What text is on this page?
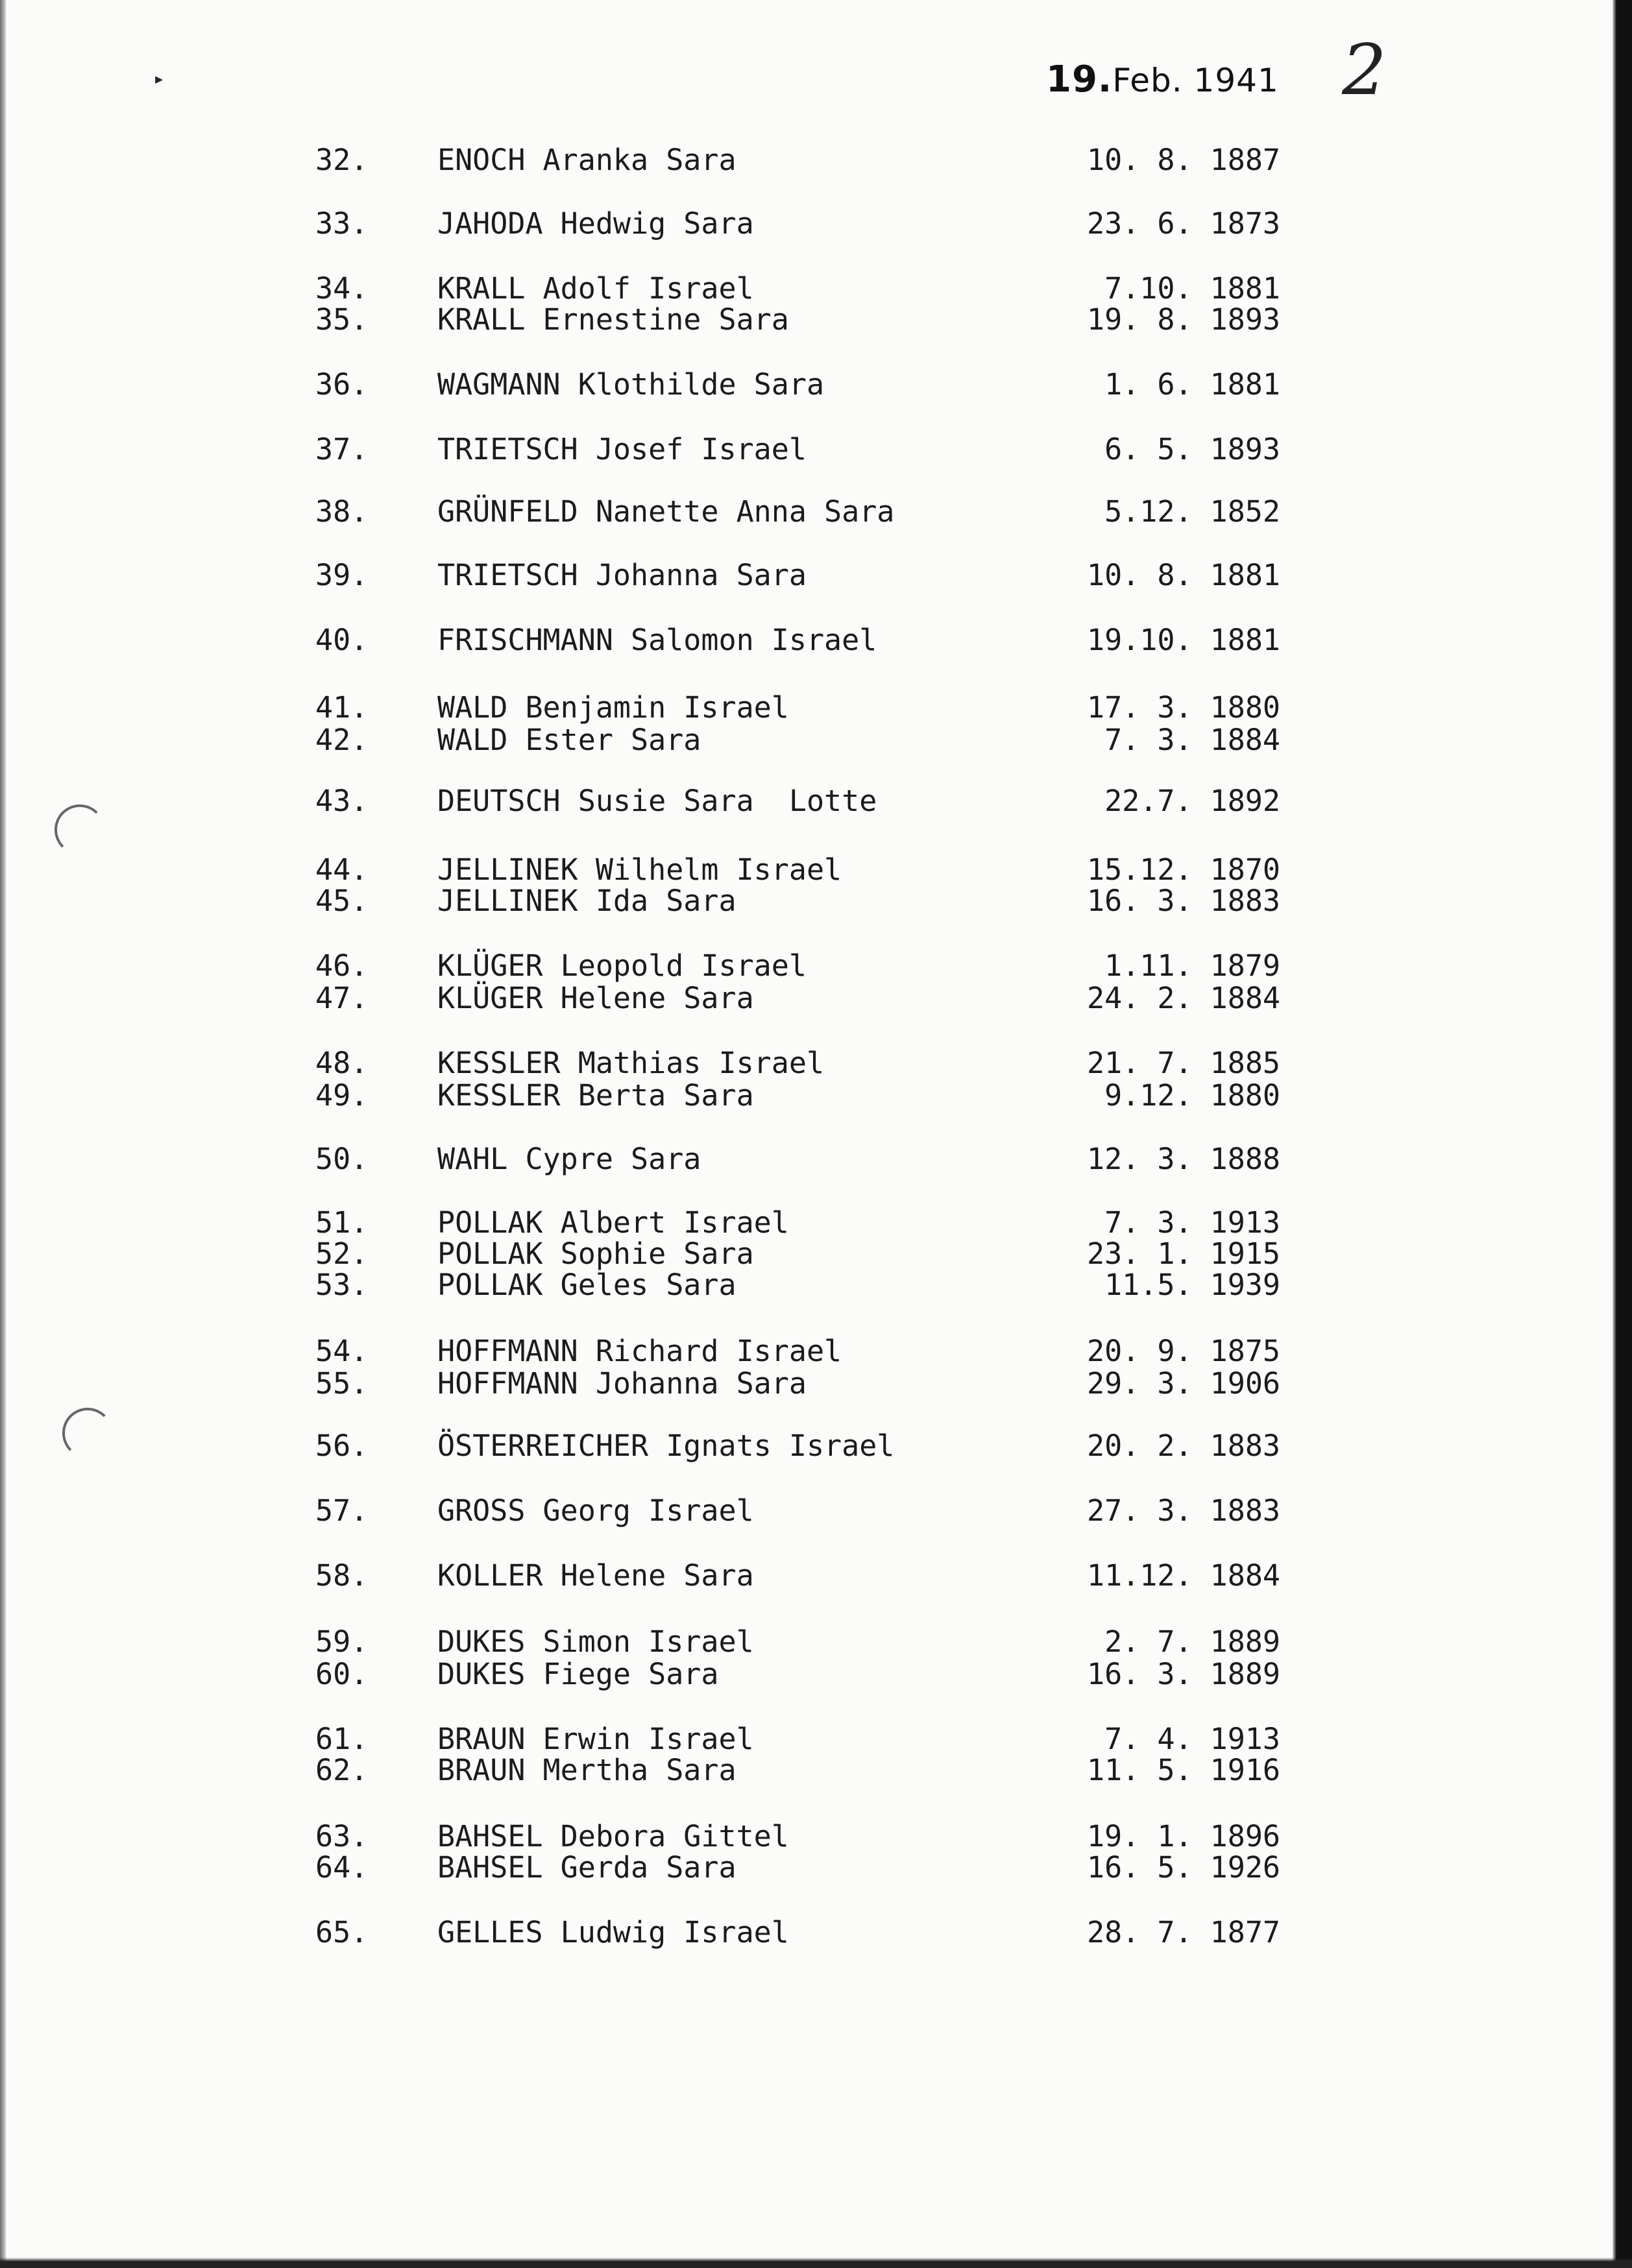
▸	19.Feb. 1941 2
32.	ENOCH Aranka Sara	10. 8. 1887
33.	JAHODA Hedwig Sara	23. 6. 1873
34.	KRALL Adolf Israel	7.10. 1881
35.	KRALL Ernestine Sara	19. 8. 1893
36.	WAGMANN Klothilde Sara	1. 6. 1881
37.	TRIETSCH Josef Israel	6. 5. 1893
38.	GRÜNFELD Nanette Anna Sara	5.12. 1852
39.	TRIETSCH Johanna Sara	10. 8. 1881
40.	FRISCHMANN Salomon Israel	19.10. 1881
41.	WALD Benjamin Israel	17. 3. 1880
42.	WALD Ester Sara	7. 3. 1884
43.	DEUTSCH Susie Sara  Lotte	22.7. 1892
44.	JELLINEK Wilhelm Israel	15.12. 1870
45.	JELLINEK Ida Sara	16. 3. 1883
46.	KLÜGER Leopold Israel	1.11. 1879
47.	KLÜGER Helene Sara	24. 2. 1884
48.	KESSLER Mathias Israel	21. 7. 1885
49.	KESSLER Berta Sara	9.12. 1880
50.	WAHL Cypre Sara	12. 3. 1888
51.	POLLAK Albert Israel	7. 3. 1913
52.	POLLAK Sophie Sara	23. 1. 1915
53.	POLLAK Geles Sara	11.5. 1939
54.	HOFFMANN Richard Israel	20. 9. 1875
55.	HOFFMANN Johanna Sara	29. 3. 1906
56.	ÖSTERREICHER Ignats Israel	20. 2. 1883
57.	GROSS Georg Israel	27. 3. 1883
58.	KOLLER Helene Sara	11.12. 1884
59.	DUKES Simon Israel	2. 7. 1889
60.	DUKES Fiege Sara	16. 3. 1889
61.	BRAUN Erwin Israel	7. 4. 1913
62.	BRAUN Mertha Sara	11. 5. 1916
63.	BAHSEL Debora Gittel	19. 1. 1896
64.	BAHSEL Gerda Sara	16. 5. 1926
65.	GELLES Ludwig Israel	28. 7. 1877
